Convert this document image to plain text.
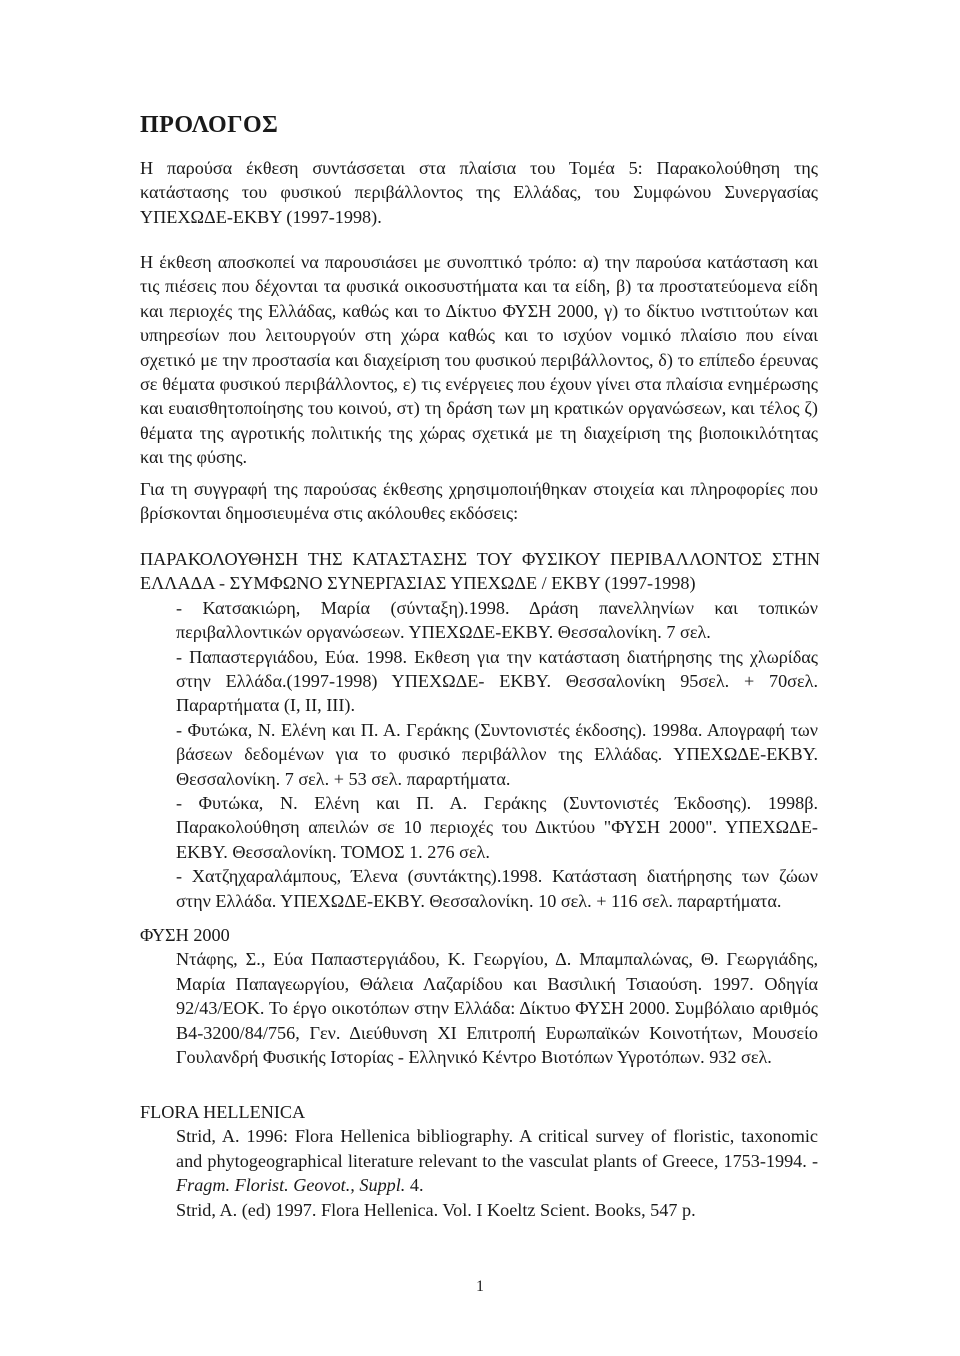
ΠΡΟΛΟΓΟΣ

Η παρούσα έκθεση συντάσσεται στα πλαίσια του Τομέα 5: Παρακολούθηση της κατάστασης του φυσικού περιβάλλοντος της Ελλάδας, του Συμφώνου Συνεργασίας ΥΠΕΧΩΔΕ-ΕΚΒΥ (1997-1998).

Η έκθεση αποσκοπεί να παρουσιάσει με συνοπτικό τρόπο: α) την παρούσα κατάσταση και τις πιέσεις που δέχονται τα φυσικά οικοσυστήματα και τα είδη, β) τα προστατεύομενα είδη και περιοχές της Ελλάδας, καθώς και το Δίκτυο ΦΥΣΗ 2000, γ) το δίκτυο ινστιτούτων και υπηρεσίων που λειτουργούν στη χώρα καθώς και το ισχύον νομικό πλαίσιο που είναι σχετικό με την προστασία και διαχείριση του φυσικού περιβάλλοντος, δ) το επίπεδο έρευνας σε θέματα φυσικού περιβάλλοντος, ε) τις ενέργειες που έχουν γίνει στα πλαίσια ενημέρωσης και ευαισθητοποίησης του κοινού, στ) τη δράση των μη κρατικών οργανώσεων, και τέλος ζ) θέματα της αγροτικής πολιτικής της χώρας σχετικά με τη διαχείριση της βιοποικιλότητας και της φύσης.

Για τη συγγραφή της παρούσας έκθεσης χρησιμοποιήθηκαν στοιχεία και πληροφορίες που βρίσκονται δημοσιευμένα στις ακόλουθες εκδόσεις:

ΠΑΡΑΚΟΛΟΥΘΗΣΗ ΤΗΣ ΚΑΤΑΣΤΑΣΗΣ ΤΟΥ ΦΥΣΙΚΟΥ ΠΕΡΙΒΑΛΛΟΝΤΟΣ ΣΤΗΝ ΕΛΛΑΔΑ - ΣΥΜΦΩΝΟ ΣΥΝΕΡΓΑΣΙΑΣ ΥΠΕΧΩΔΕ / ΕΚΒΥ (1997-1998)

- Κατσακιώρη, Μαρία (σύνταξη).1998. Δράση πανελληνίων και τοπικών περιβαλλοντικών οργανώσεων. ΥΠΕΧΩΔΕ-ΕΚΒΥ. Θεσσαλονίκη. 7 σελ.
- Παπαστεργιάδου, Εύα. 1998. Εκθεση για την κατάσταση διατήρησης της χλωρίδας στην Ελλάδα.(1997-1998) ΥΠΕΧΩΔΕ- ΕΚΒΥ. Θεσσαλονίκη 95σελ. + 70σελ. Παραρτήματα (I, II, III).
- Φυτώκα, Ν. Ελένη και Π. Α. Γεράκης (Συντονιστές έκδοσης). 1998α. Απογραφή των βάσεων δεδομένων για το φυσικό περιβάλλον της Ελλάδας. ΥΠΕΧΩΔΕ-ΕΚΒΥ. Θεσσαλονίκη. 7 σελ. + 53 σελ. παραρτήματα.
- Φυτώκα, Ν. Ελένη και Π. Α. Γεράκης (Συντονιστές Έκδοσης). 1998β. Παρακολούθηση απειλών σε 10 περιοχές του Δικτύου "ΦΥΣΗ 2000". ΥΠΕΧΩΔΕ-ΕΚΒΥ. Θεσσαλονίκη. ΤΟΜΟΣ 1. 276 σελ.
- Χατζηχαραλάμπους, Έλενα (συντάκτης).1998. Κατάσταση διατήρησης των ζώων στην Ελλάδα. ΥΠΕΧΩΔΕ-ΕΚΒΥ. Θεσσαλονίκη. 10 σελ. + 116 σελ. παραρτήματα.

ΦΥΣΗ 2000

Ντάφης, Σ., Εύα Παπαστεργιάδου, Κ. Γεωργίου, Δ. Μπαμπαλώνας, Θ. Γεωργιάδης, Μαρία Παπαγεωργίου, Θάλεια Λαζαρίδου και Βασιλική Τσιαούση. 1997. Οδηγία 92/43/ΕΟΚ. Το έργο οικοτόπων στην Ελλάδα: Δίκτυο ΦΥΣΗ 2000. Συμβόλαιο αριθμός B4-3200/84/756, Γεν. Διεύθυνση XI Επιτροπή Ευρωπαϊκών Κοινοτήτων, Μουσείο Γουλανδρή Φυσικής Ιστορίας - Ελληνικό Κέντρο Βιοτόπων Υγροτόπων. 932 σελ.

FLORA HELLENICA

Strid, A. 1996: Flora Hellenica bibliography. A critical survey of floristic, taxonomic and phytogeographical literature relevant to the vasculat plants of Greece, 1753-1994. -Fragm. Florist. Geovot., Suppl. 4.
Strid, A. (ed) 1997. Flora Hellenica. Vol. I Koeltz Scient. Books, 547 p.

1
